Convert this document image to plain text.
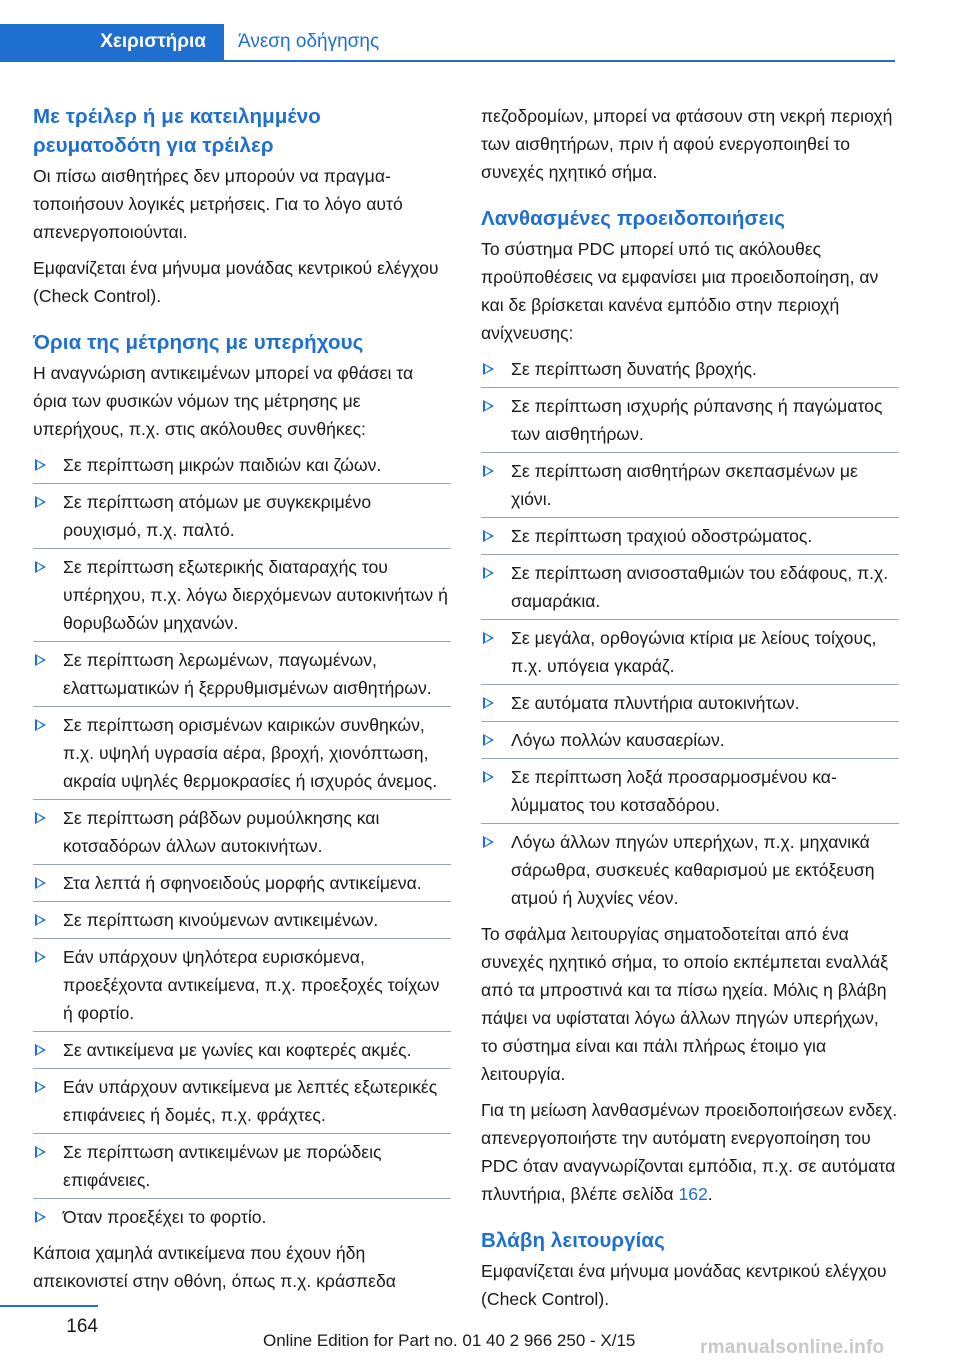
Χειριστήρια	Άνεση οδήγησης
Με τρέιλερ ή με κατειλημμένο ρευματοδότη για τρέιλερ

Οι πίσω αισθητήρες δεν μπορούν να πραγματοποιήσουν λογικές μετρήσεις. Για το λόγο αυτό απενεργοποιούνται.

Εμφανίζεται ένα μήνυμα μονάδας κεντρικού ελέγχου (Check Control).

Όρια της μέτρησης με υπερήχους

Η αναγνώριση αντικειμένων μπορεί να φθάσει τα όρια των φυσικών νόμων της μέτρησης με υπερήχους, π.χ. στις ακόλουθες συνθήκες:

Σε περίπτωση μικρών παιδιών και ζώων.
Σε περίπτωση ατόμων με συγκεκριμένο ρουχισμό, π.χ. παλτό.
Σε περίπτωση εξωτερικής διαταραχής του υπέρηχου, π.χ. λόγω διερχόμενων αυτοκινήτων ή θορυβωδών μηχανών.
Σε περίπτωση λερωμένων, παγωμένων, ελαττωματικών ή ξερρυθμισμένων αισθητήρων.
Σε περίπτωση ορισμένων καιρικών συνθηκών, π.χ. υψηλή υγρασία αέρα, βροχή, χιονόπτωση, ακραία υψηλές θερμοκρασίες ή ισχυρός άνεμος.
Σε περίπτωση ράβδων ρυμούλκησης και κοτσαδόρων άλλων αυτοκινήτων.
Στα λεπτά ή σφηνοειδούς μορφής αντικείμενα.
Σε περίπτωση κινούμενων αντικειμένων.
Εάν υπάρχουν ψηλότερα ευρισκόμενα, προεξέχοντα αντικείμενα, π.χ. προεξοχές τοίχων ή φορτίο.
Σε αντικείμενα με γωνίες και κοφτερές ακμές.
Εάν υπάρχουν αντικείμενα με λεπτές εξωτερικές επιφάνειες ή δομές, π.χ. φράχτες.
Σε περίπτωση αντικειμένων με πορώδεις επιφάνειες.
Όταν προεξέχει το φορτίο.

Κάποια χαμηλά αντικείμενα που έχουν ήδη απεικονιστεί στην οθόνη, όπως π.χ. κράσπεδα

πεζοδρομίων, μπορεί να φτάσουν στη νεκρή περιοχή των αισθητήρων, πριν ή αφού ενεργοποιηθεί το συνεχές ηχητικό σήμα.

Λανθασμένες προειδοποιήσεις

Το σύστημα PDC μπορεί υπό τις ακόλουθες προϋποθέσεις να εμφανίσει μια προειδοποίηση, αν και δε βρίσκεται κανένα εμπόδιο στην περιοχή ανίχνευσης:

Σε περίπτωση δυνατής βροχής.
Σε περίπτωση ισχυρής ρύπανσης ή παγώματος των αισθητήρων.
Σε περίπτωση αισθητήρων σκεπασμένων με χιόνι.
Σε περίπτωση τραχιού οδοστρώματος.
Σε περίπτωση ανισοσταθμιών του εδάφους, π.χ. σαμαράκια.
Σε μεγάλα, ορθογώνια κτίρια με λείους τοίχους, π.χ. υπόγεια γκαράζ.
Σε αυτόματα πλυντήρια αυτοκινήτων.
Λόγω πολλών καυσαερίων.
Σε περίπτωση λοξά προσαρμοσμένου καλύμματος του κοτσαδόρου.
Λόγω άλλων πηγών υπερήχων, π.χ. μηχανικά σάρωθρα, συσκευές καθαρισμού με εκτόξευση ατμού ή λυχνίες νέον.

Το σφάλμα λειτουργίας σηματοδοτείται από ένα συνεχές ηχητικό σήμα, το οποίο εκπέμπεται εναλλάξ από τα μπροστινά και τα πίσω ηχεία. Μόλις η βλάβη πάψει να υφίσταται λόγω άλλων πηγών υπερήχων, το σύστημα είναι και πάλι πλήρως έτοιμο για λειτουργία.

Για τη μείωση λανθασμένων προειδοποιήσεων ενδεχ. απενεργοποιήστε την αυτόματη ενεργοποίηση του PDC όταν αναγνωρίζονται εμπόδια, π.χ. σε αυτόματα πλυντήρια, βλέπε σελίδα 162.

Βλάβη λειτουργίας

Εμφανίζεται ένα μήνυμα μονάδας κεντρικού ελέγχου (Check Control).

164
Online Edition for Part no. 01 40 2 966 250 - X/15	rmanualsonline.info
